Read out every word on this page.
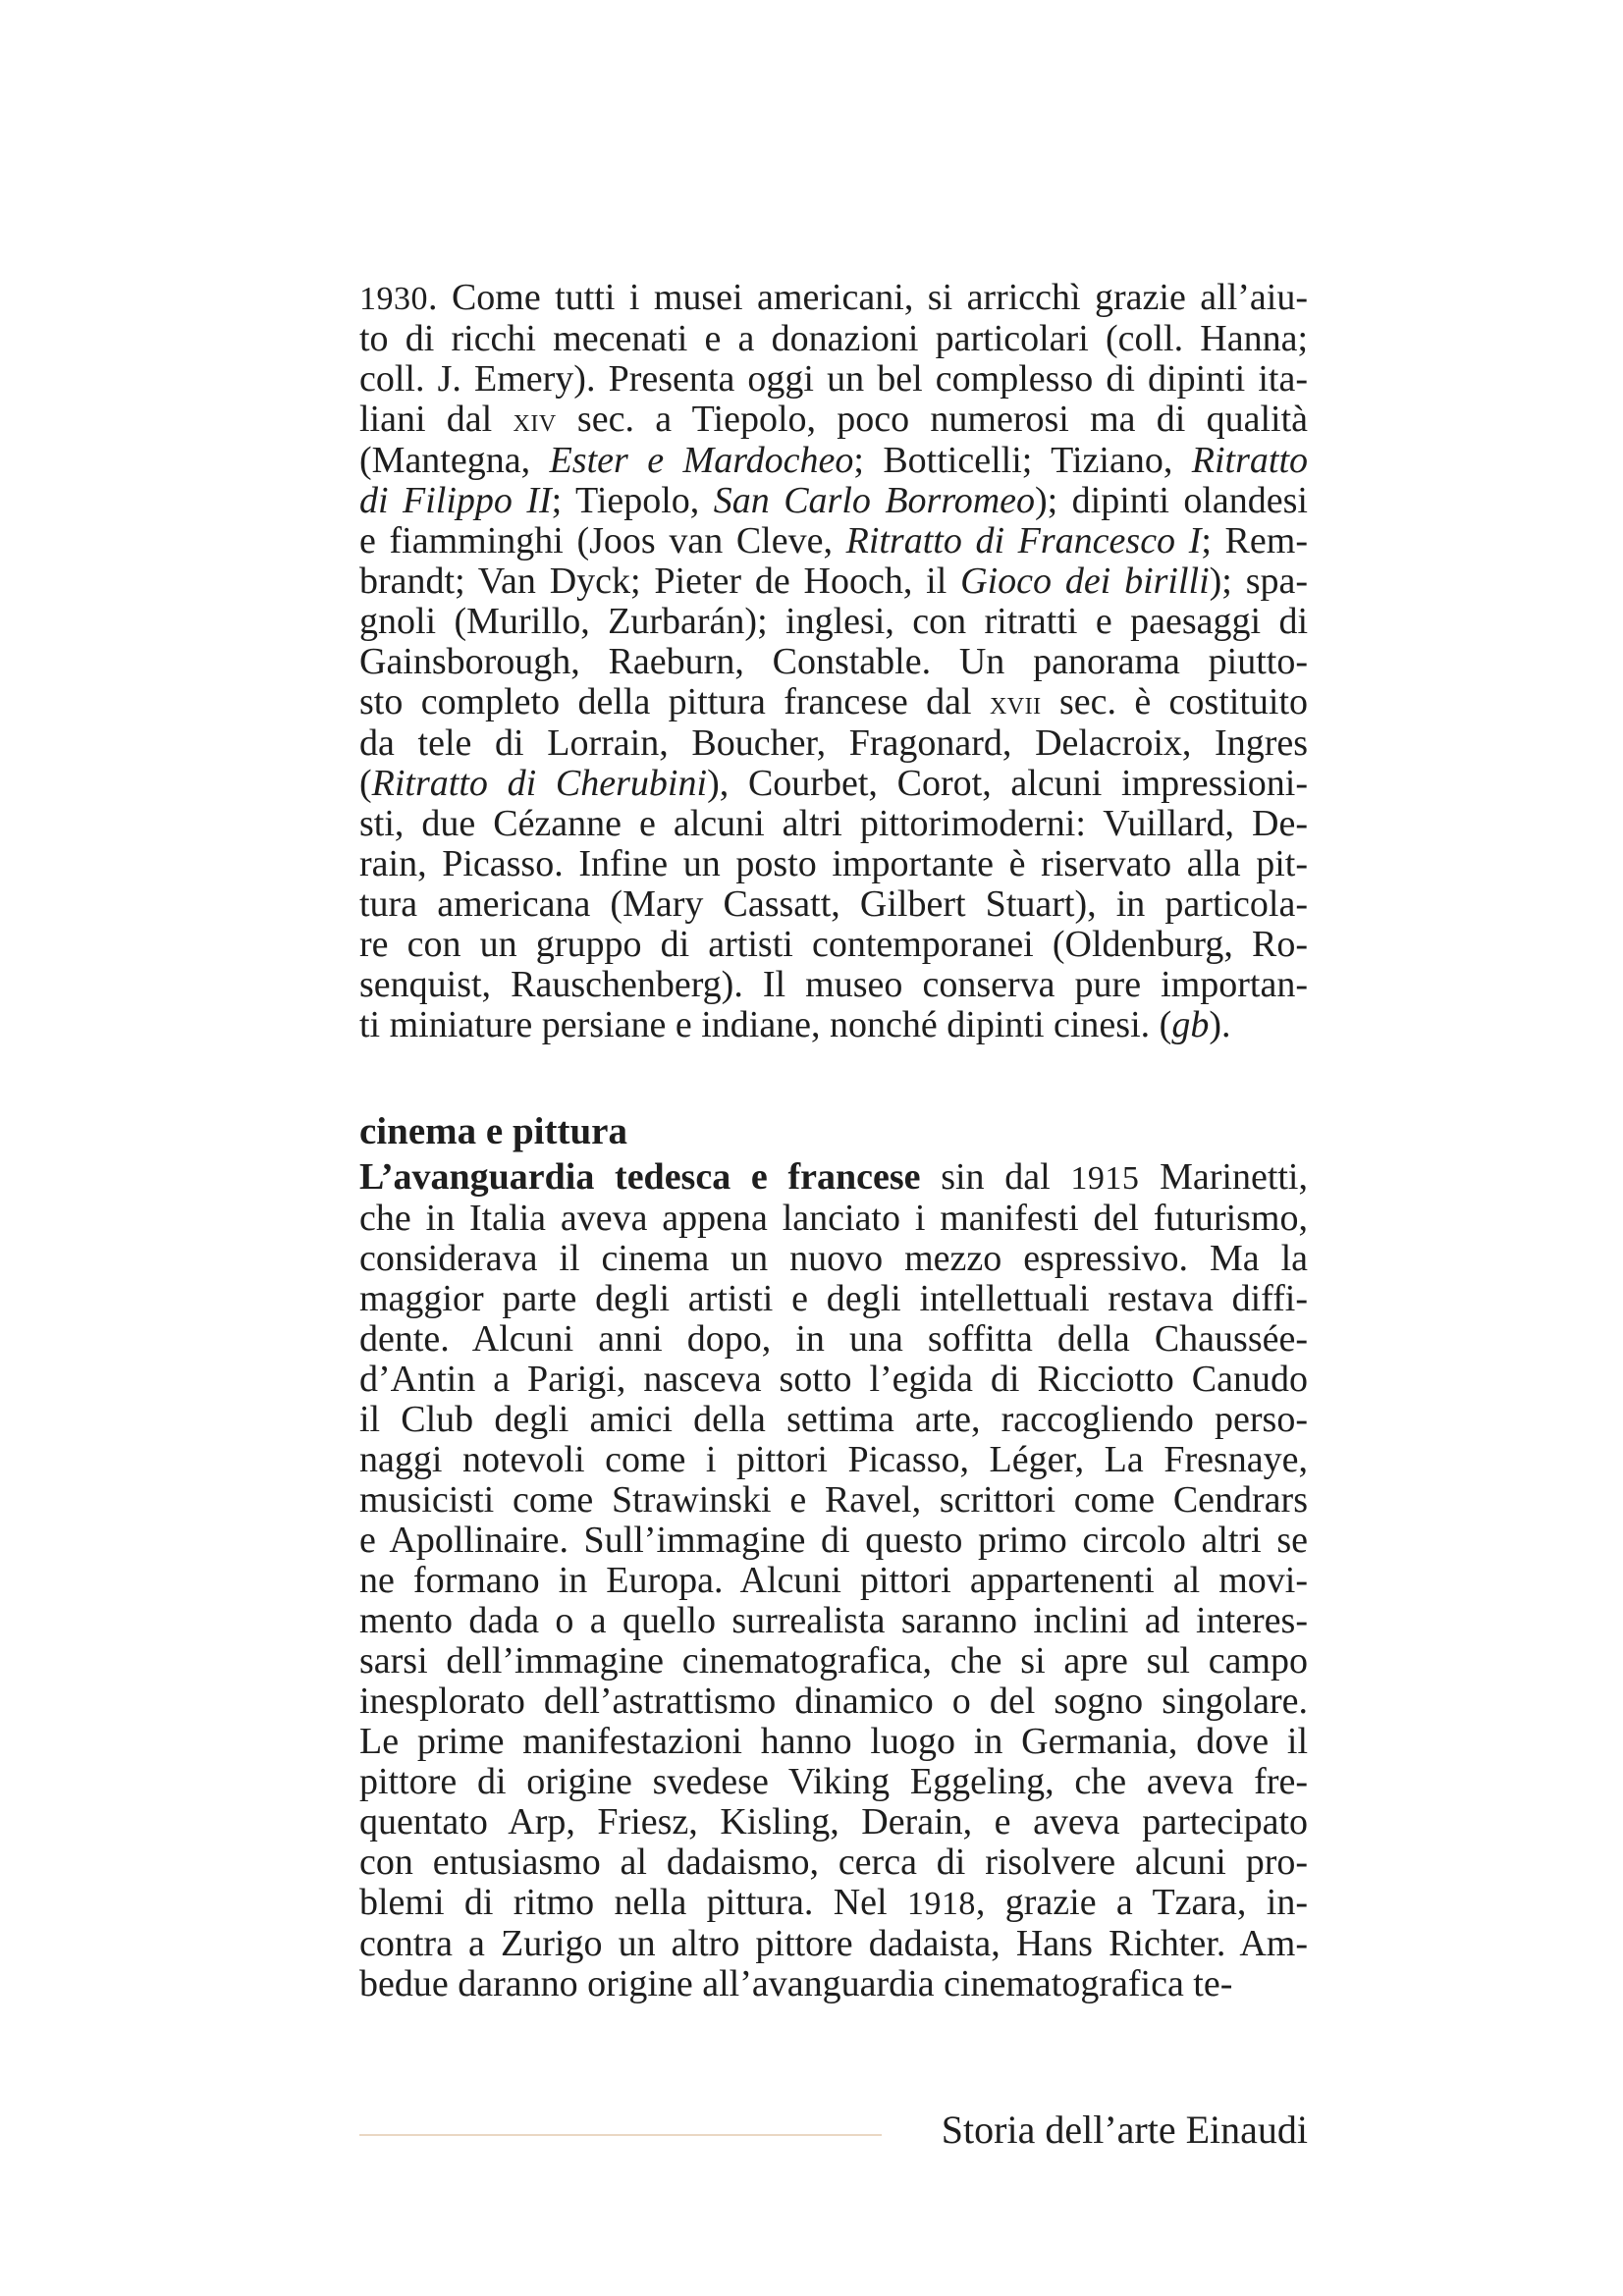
1930. Come tutti i musei americani, si arricchì grazie all’aiu-
to di ricchi mecenati e a donazioni particolari (coll. Hanna;
coll. J. Emery). Presenta oggi un bel complesso di dipinti ita-
liani dal xiv sec. a Tiepolo, poco numerosi ma di qualità
(Mantegna, Ester e Mardocheo; Botticelli; Tiziano, Ritratto
di Filippo II; Tiepolo, San Carlo Borromeo); dipinti olandesi
e fiamminghi (Joos van Cleve, Ritratto di Francesco I; Rem-
brandt; Van Dyck; Pieter de Hooch, il Gioco dei birilli); spa-
gnoli (Murillo, Zurbarán); inglesi, con ritratti e paesaggi di
Gainsborough, Raeburn, Constable. Un panorama piutto-
sto completo della pittura francese dal xvii sec. è costituito
da tele di Lorrain, Boucher, Fragonard, Delacroix, Ingres
(Ritratto di Cherubini), Courbet, Corot, alcuni impressioni-
sti, due Cézanne e alcuni altri pittorimoderni: Vuillard, De-
rain, Picasso. Infine un posto importante è riservato alla pit-
tura americana (Mary Cassatt, Gilbert Stuart), in particola-
re con un gruppo di artisti contemporanei (Oldenburg, Ro-
senquist, Rauschenberg). Il museo conserva pure importan-
ti miniature persiane e indiane, nonché dipinti cinesi. (gb).
cinema e pittura
L’avanguardia tedesca e francese sin dal 1915 Marinetti,
che in Italia aveva appena lanciato i manifesti del futurismo,
considerava il cinema un nuovo mezzo espressivo. Ma la
maggior parte degli artisti e degli intellettuali restava diffi-
dente. Alcuni anni dopo, in una soffitta della Chaussée-
d’Antin a Parigi, nasceva sotto l’egida di Ricciotto Canudo
il Club degli amici della settima arte, raccogliendo perso-
naggi notevoli come i pittori Picasso, Léger, La Fresnaye,
musicisti come Strawinski e Ravel, scrittori come Cendrars
e Apollinaire. Sull’immagine di questo primo circolo altri se
ne formano in Europa. Alcuni pittori appartenenti al movi-
mento dada o a quello surrealista saranno inclini ad interes-
sarsi dell’immagine cinematografica, che si apre sul campo
inesplorato dell’astrattismo dinamico o del sogno singolare.
Le prime manifestazioni hanno luogo in Germania, dove il
pittore di origine svedese Viking Eggeling, che aveva fre-
quentato Arp, Friesz, Kisling, Derain, e aveva partecipato
con entusiasmo al dadaismo, cerca di risolvere alcuni pro-
blemi di ritmo nella pittura. Nel 1918, grazie a Tzara, in-
contra a Zurigo un altro pittore dadaista, Hans Richter. Am-
bedue daranno origine all’avanguardia cinematografica te-
Storia dell’arte Einaudi
